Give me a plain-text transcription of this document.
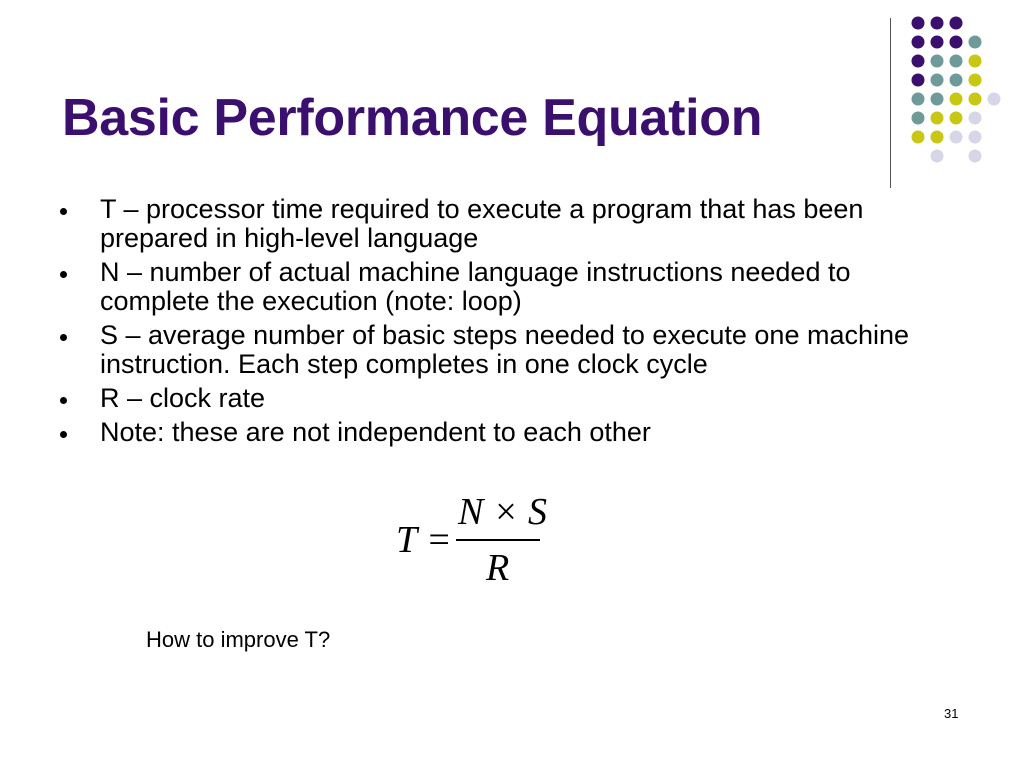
Basic Performance Equation
T – processor time required to execute a program that has been prepared in high-level language
N – number of actual machine language instructions needed to complete the execution (note: loop)
S – average number of basic steps needed to execute one machine instruction. Each step completes in one clock cycle
R – clock rate
Note: these are not independent to each other
T =
N × S
R
How to improve T?
31
